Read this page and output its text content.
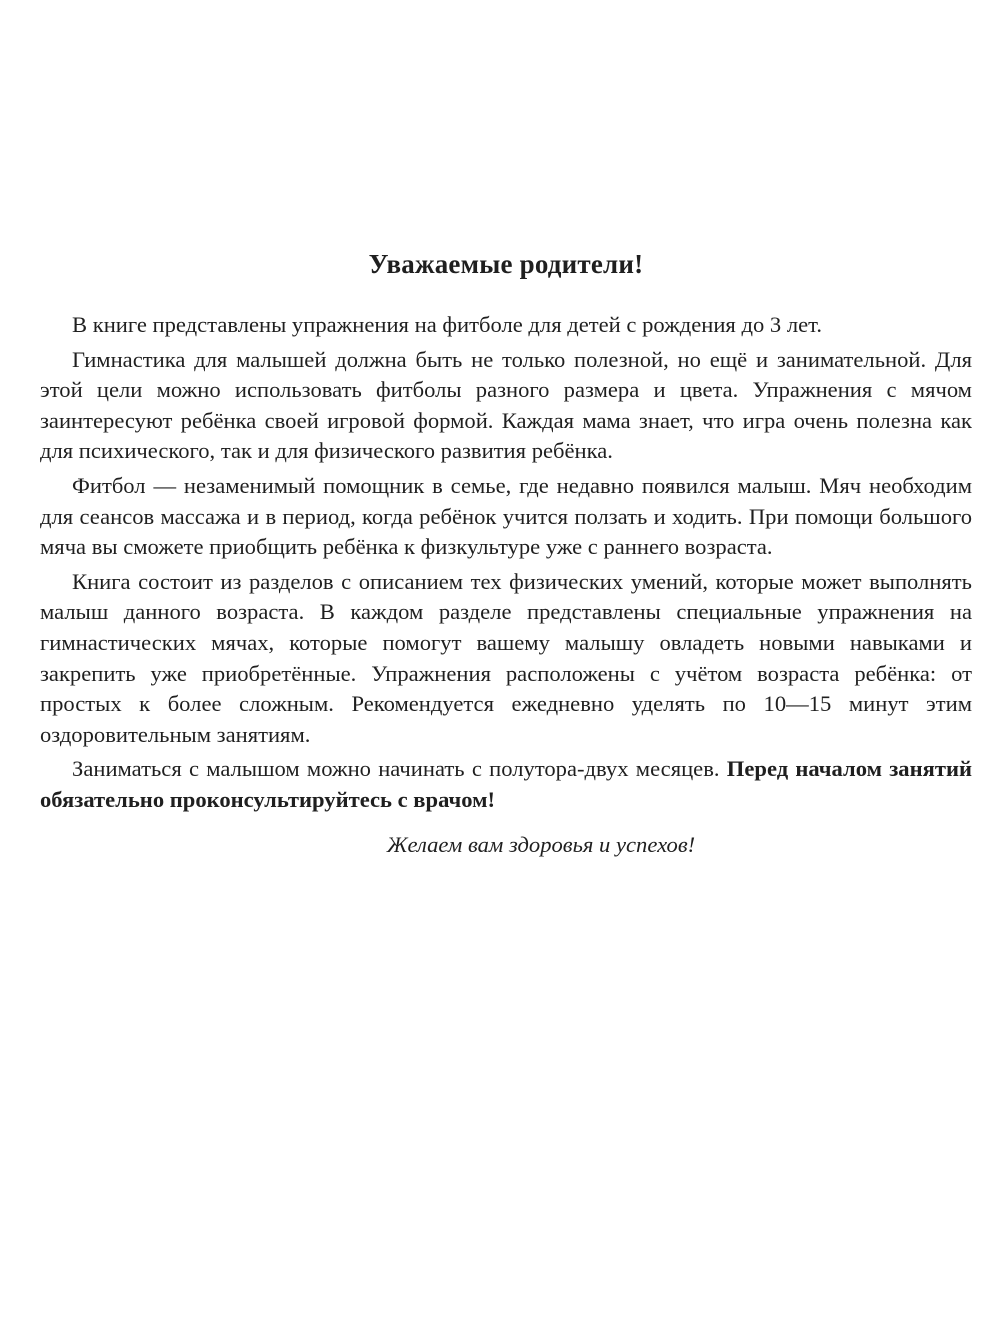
Уважаемые родители!

В книге представлены упражнения на фитболе для детей с рождения до 3 лет.

Гимнастика для малышей должна быть не только полезной, но ещё и занимательной. Для этой цели можно использовать фитболы разного размера и цвета. Упражнения с мячом заинтересуют ребёнка своей игровой формой. Каждая мама знает, что игра очень полезна как для психического, так и для физического развития ребёнка.

Фитбол — незаменимый помощник в семье, где недавно появился малыш. Мяч необходим для сеансов массажа и в период, когда ребёнок учится ползать и ходить. При помощи большого мяча вы сможете приобщить ребёнка к физкультуре уже с раннего возраста.

Книга состоит из разделов с описанием тех физических умений, которые может выполнять малыш данного возраста. В каждом разделе представлены специальные упражнения на гимнастических мячах, которые помогут вашему малышу овладеть новыми навыками и закрепить уже приобретённые. Упражнения расположены с учётом возраста ребёнка: от простых к более сложным. Рекомендуется ежедневно уделять по 10—15 минут этим оздоровительным занятиям.

Заниматься с малышом можно начинать с полутора-двух месяцев. Перед началом занятий обязательно проконсультируйтесь с врачом!

Желаем вам здоровья и успехов!
